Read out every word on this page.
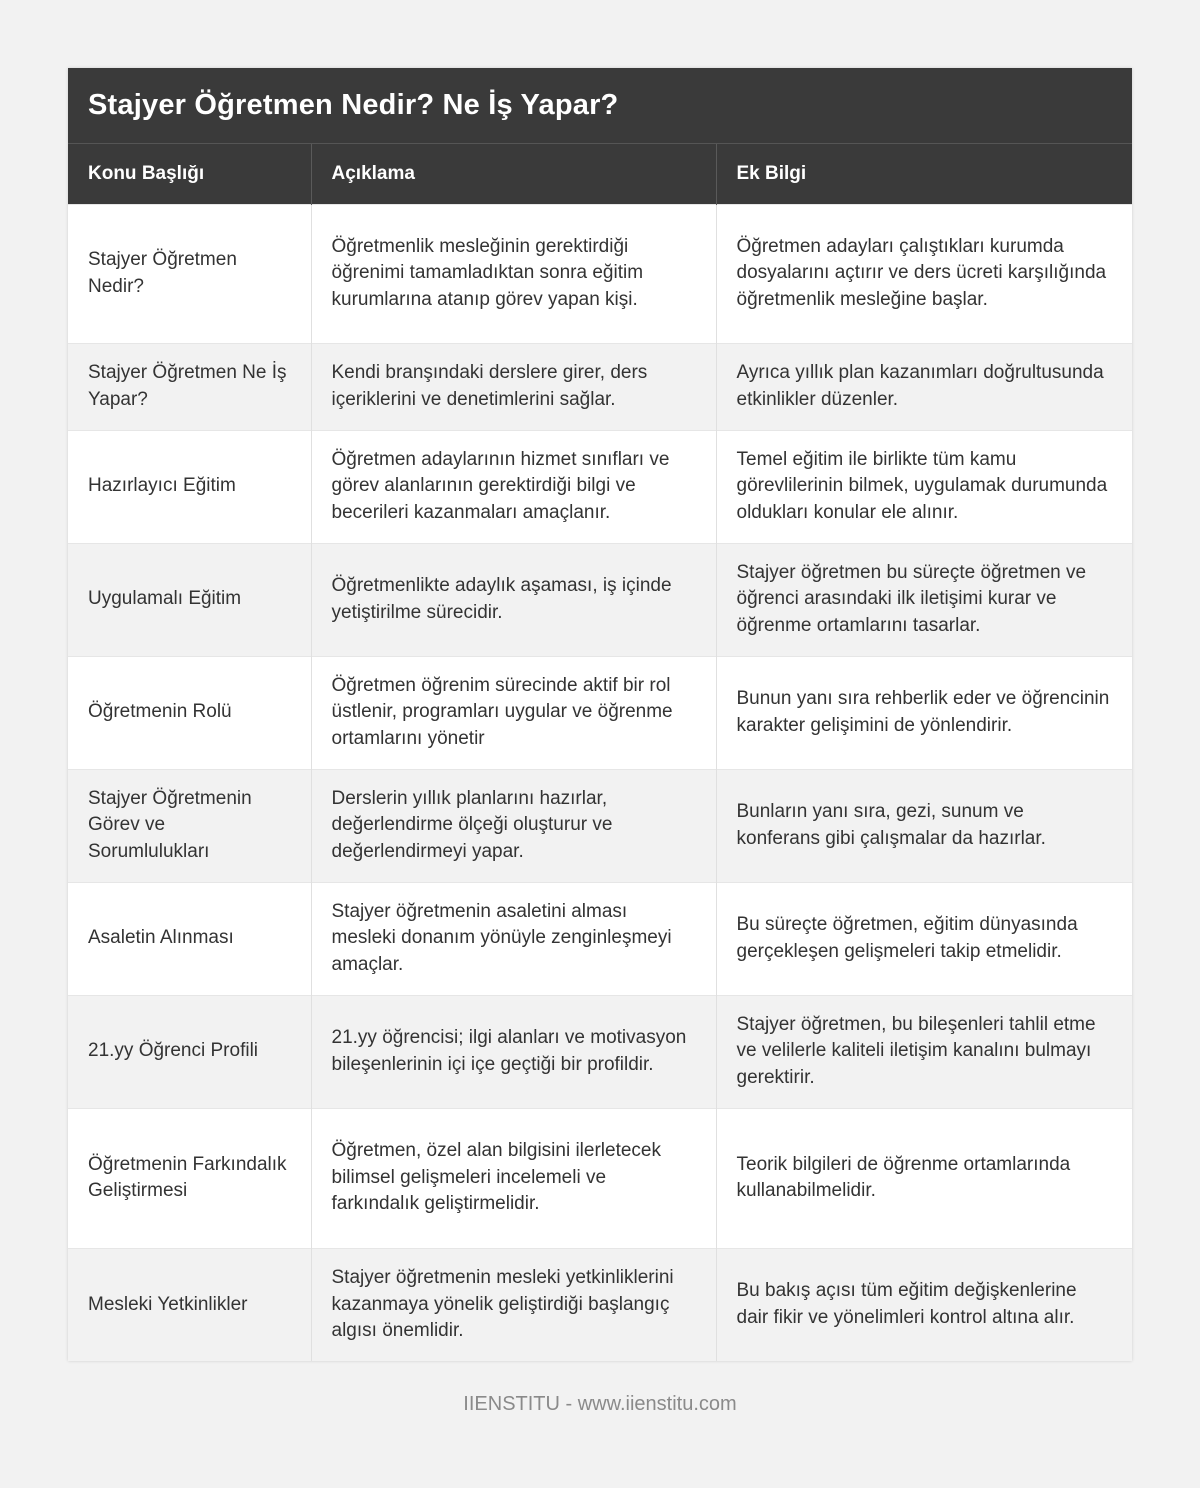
Stajyer Öğretmen Nedir? Ne İş Yapar?
Konu Başlığı	Açıklama	Ek Bilgi
Stajyer Öğretmen Nedir?	Öğretmenlik mesleğinin gerektirdiği öğrenimi tamamladıktan sonra eğitim kurumlarına atanıp görev yapan kişi.	Öğretmen adayları çalıştıkları kurumda dosyalarını açtırır ve ders ücreti karşılığında öğretmenlik mesleğine başlar.
Stajyer Öğretmen Ne İş Yapar?	Kendi branşındaki derslere girer, ders içeriklerini ve denetimlerini sağlar.	Ayrıca yıllık plan kazanımları doğrultusunda etkinlikler düzenler.
Hazırlayıcı Eğitim	Öğretmen adaylarının hizmet sınıfları ve görev alanlarının gerektirdiği bilgi ve becerileri kazanmaları amaçlanır.	Temel eğitim ile birlikte tüm kamu görevlilerinin bilmek, uygulamak durumunda oldukları konular ele alınır.
Uygulamalı Eğitim	Öğretmenlikte adaylık aşaması, iş içinde yetiştirilme sürecidir.	Stajyer öğretmen bu süreçte öğretmen ve öğrenci arasındaki ilk iletişimi kurar ve öğrenme ortamlarını tasarlar.
Öğretmenin Rolü	Öğretmen öğrenim sürecinde aktif bir rol üstlenir, programları uygular ve öğrenme ortamlarını yönetir	Bunun yanı sıra rehberlik eder ve öğrencinin karakter gelişimini de yönlendirir.
Stajyer Öğretmenin Görev ve Sorumlulukları	Derslerin yıllık planlarını hazırlar, değerlendirme ölçeği oluşturur ve değerlendirmeyi yapar.	Bunların yanı sıra, gezi, sunum ve konferans gibi çalışmalar da hazırlar.
Asaletin Alınması	Stajyer öğretmenin asaletini alması mesleki donanım yönüyle zenginleşmeyi amaçlar.	Bu süreçte öğretmen, eğitim dünyasında gerçekleşen gelişmeleri takip etmelidir.
21.yy Öğrenci Profili	21.yy öğrencisi; ilgi alanları ve motivasyon bileşenlerinin içi içe geçtiği bir profildir.	Stajyer öğretmen, bu bileşenleri tahlil etme ve velilerle kaliteli iletişim kanalını bulmayı gerektirir.
Öğretmenin Farkındalık Geliştirmesi	Öğretmen, özel alan bilgisini ilerletecek bilimsel gelişmeleri incelemeli ve farkındalık geliştirmelidir.	Teorik bilgileri de öğrenme ortamlarında kullanabilmelidir.
Mesleki Yetkinlikler	Stajyer öğretmenin mesleki yetkinliklerini kazanmaya yönelik geliştirdiği başlangıç algısı önemlidir.	Bu bakış açısı tüm eğitim değişkenlerine dair fikir ve yönelimleri kontrol altına alır.
IIENSTITU - www.iienstitu.com
